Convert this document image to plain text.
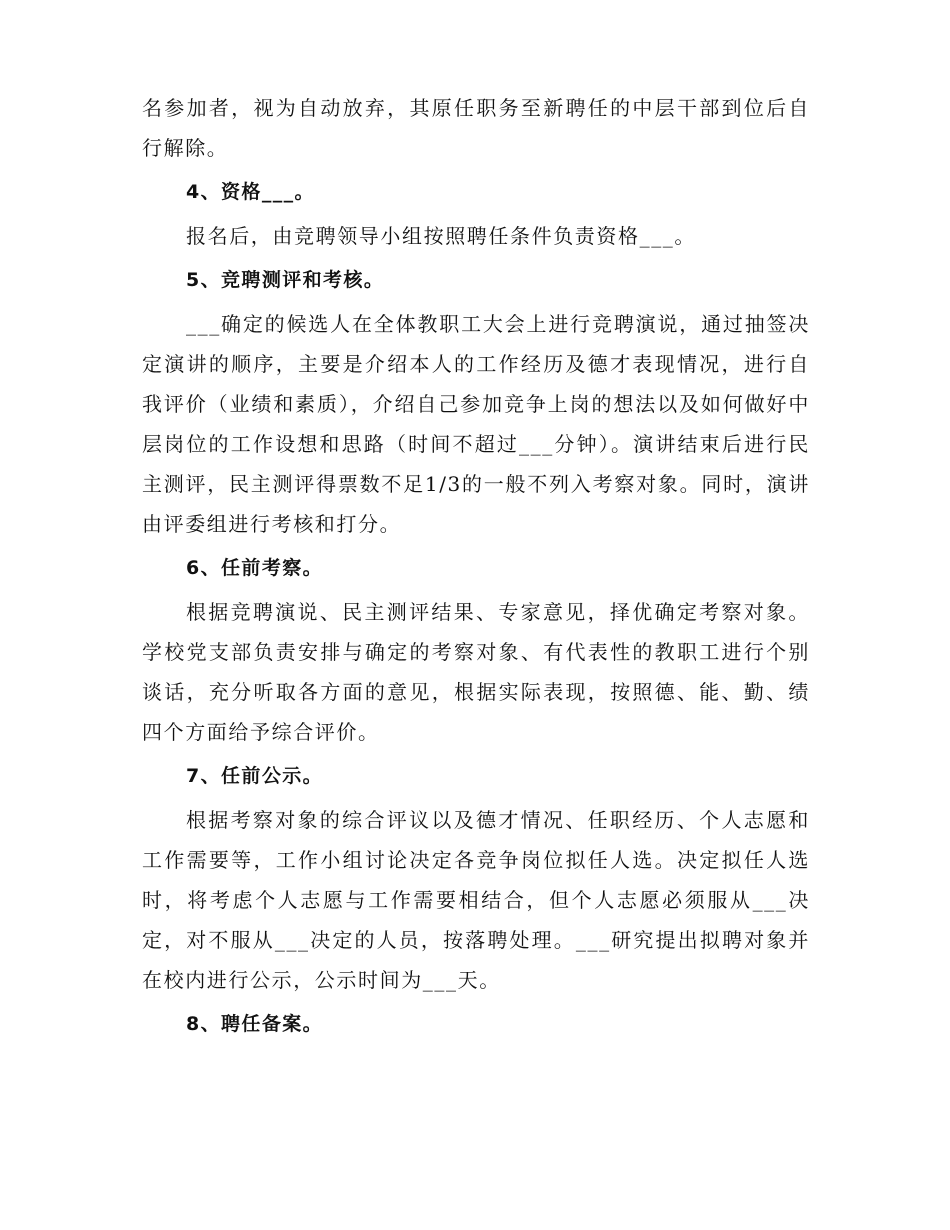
名参加者，视为自动放弃，其原任职务至新聘任的中层干部到位后自行解除。

4、资格___。

报名后，由竞聘领导小组按照聘任条件负责资格___。

5、竞聘测评和考核。

___确定的候选人在全体教职工大会上进行竞聘演说，通过抽签决定演讲的顺序，主要是介绍本人的工作经历及德才表现情况，进行自我评价（业绩和素质），介绍自己参加竞争上岗的想法以及如何做好中层岗位的工作设想和思路（时间不超过___分钟）。演讲结束后进行民主测评，民主测评得票数不足1/3的一般不列入考察对象。同时，演讲由评委组进行考核和打分。

6、任前考察。

根据竞聘演说、民主测评结果、专家意见，择优确定考察对象。学校党支部负责安排与确定的考察对象、有代表性的教职工进行个别谈话，充分听取各方面的意见，根据实际表现，按照德、能、勤、绩四个方面给予综合评价。

7、任前公示。

根据考察对象的综合评议以及德才情况、任职经历、个人志愿和工作需要等，工作小组讨论决定各竞争岗位拟任人选。决定拟任人选时，将考虑个人志愿与工作需要相结合，但个人志愿必须服从___决定，对不服从___决定的人员，按落聘处理。___研究提出拟聘对象并在校内进行公示，公示时间为___天。

8、聘任备案。
